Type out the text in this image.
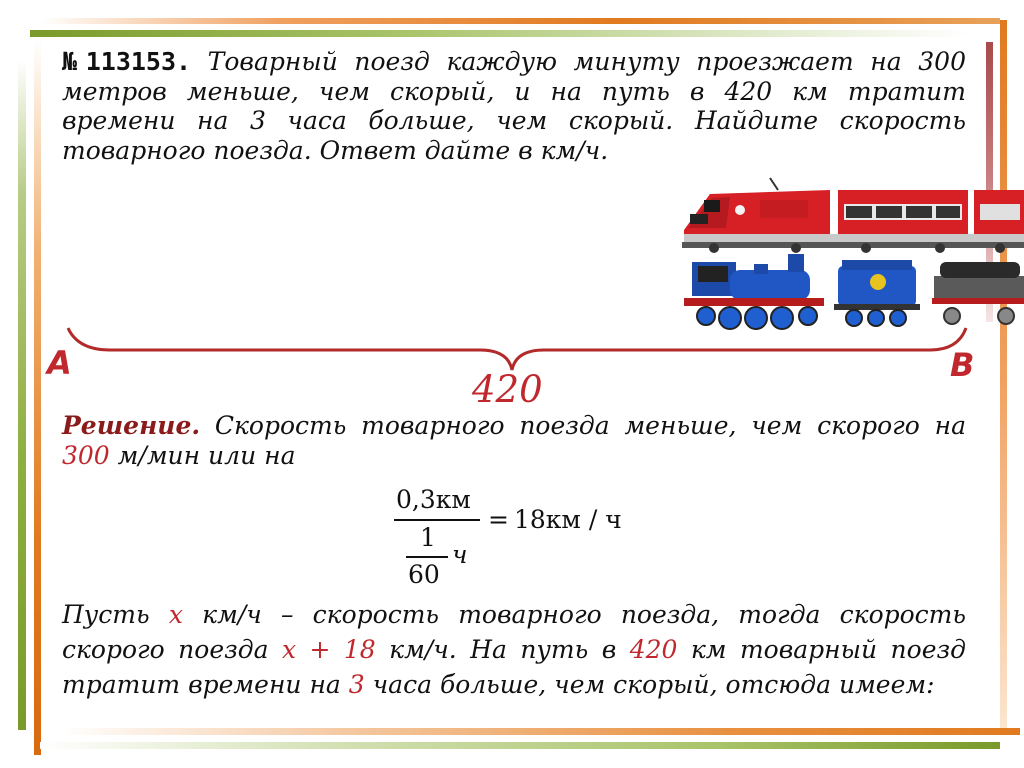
№113153. Товарный поезд каждую минуту проезжает на 300 метров меньше, чем скорый, и на путь в 420 км тратит времени на 3 часа больше, чем скорый. Найдите скорость товарного поезда. Ответ дайте в км/ч.
A	B
420
Решение. Скорость товарного поезда меньше, чем скорого на 300 м/мин или на
0,3км
1
ч
60
= 18км / ч
Пусть x км/ч – скорость товарного поезда, тогда скорость скорого поезда x + 18 км/ч. На путь в 420 км товарный поезд тратит времени на 3 часа больше, чем скорый, отсюда имеем:
